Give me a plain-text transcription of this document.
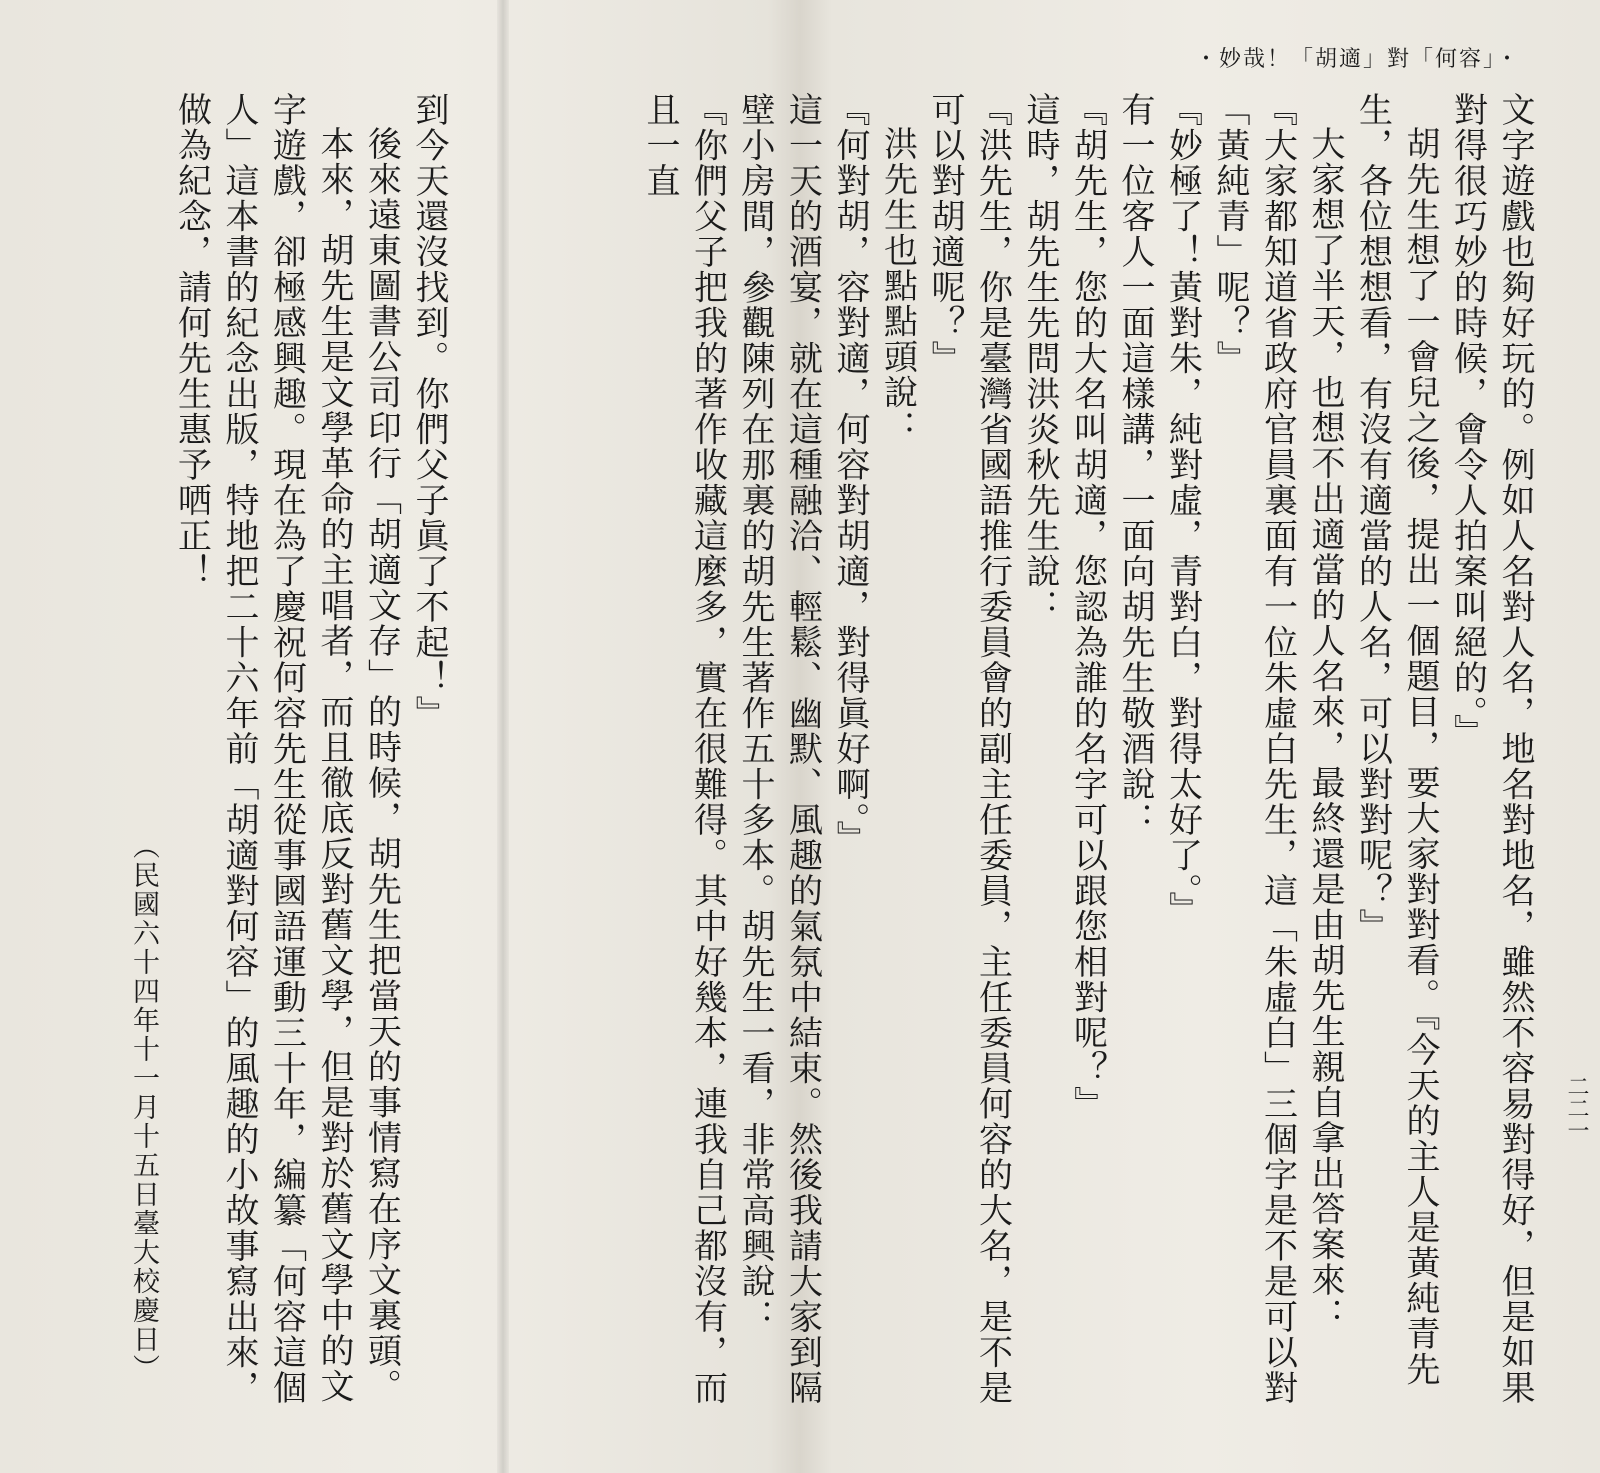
・「容何」對「適胡」！哉妙・
二二一

文字遊戲也夠好玩的。例如人名對人名，地名對地名，雖然不容易對得好，但是如果對得很巧妙的時候，會令人拍案叫絕的。』

胡先生想了一會兒之後，提出一個題目，要大家對對看。『今天的主人是黃純青先生，各位想想看，有沒有適當的人名，可以對對呢？』

大家想了半天，也想不出適當的人名來，最終還是由胡先生親自拿出答案來：

『大家都知道省政府官員裏面有一位朱虛白先生，這「朱虛白」三個字是不是可以對「黃純青」呢？』

『妙極了！黃對朱，純對虛，青對白，對得太好了。』

有一位客人一面這樣講，一面向胡先生敬酒說：

『胡先生，您的大名叫胡適，您認為誰的名字可以跟您相對呢？』

這時，胡先生先問洪炎秋先生說：

『洪先生，你是臺灣省國語推行委員會的副主任委員，主任委員何容的大名，是不是可以對胡適呢？』

洪先生也點點頭說：

『何對胡，容對適，何容對胡適，對得眞好啊。』

這一天的酒宴，就在這種融洽、輕鬆、幽默、風趣的氣氛中結束。然後我請大家到隔壁小房間，參觀陳列在那裏的胡先生著作五十多本。胡先生一看，非常高興說：

『你們父子把我的著作收藏這麼多，實在很難得。其中好幾本，連我自己都沒有，而且一直

到今天還沒找到。你們父子眞了不起！』

後來遠東圖書公司印行「胡適文存」的時候，胡先生把當天的事情寫在序文裏頭。

本來，胡先生是文學革命的主唱者，而且徹底反對舊文學，但是對於舊文學中的文字遊戲，卻極感興趣。現在為了慶祝何容先生從事國語運動三十年，編纂「何容這個人」這本書的紀念出版，特地把二十六年前「胡適對何容」的風趣的小故事寫出來，做為紀念，請何先生惠予哂正！

（民國六十四年十一月十五日臺大校慶日）
